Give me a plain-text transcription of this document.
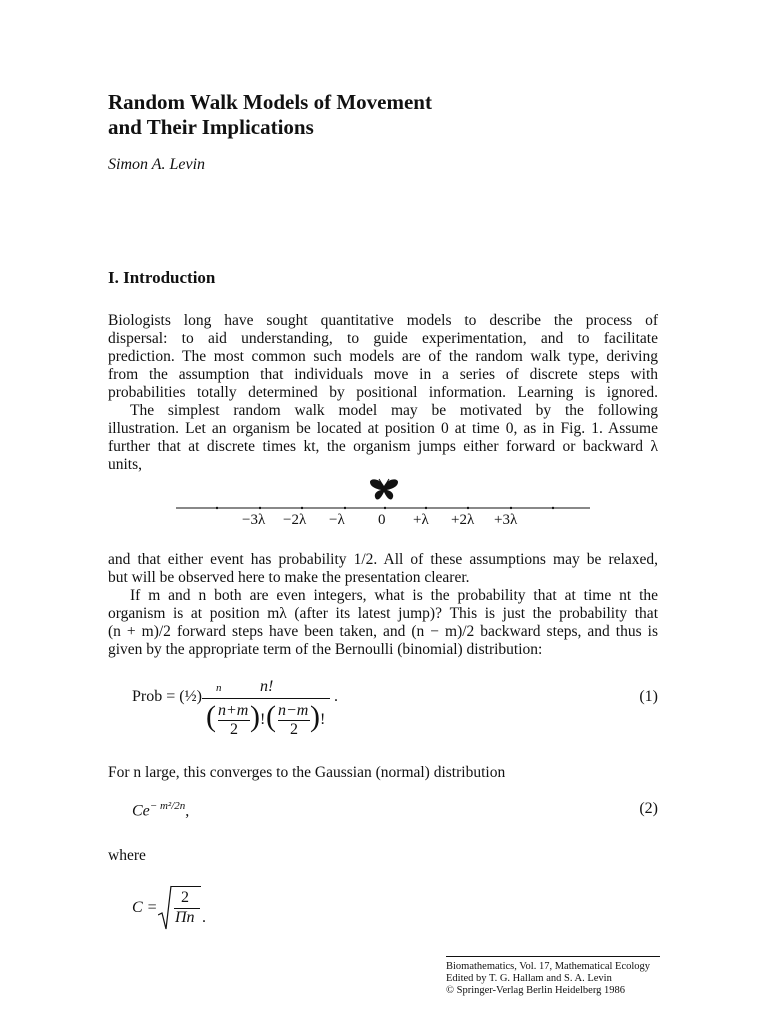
Random Walk Models of Movement
and Their Implications
Simon A. Levin
I. Introduction
Biologists long have sought quantitative models to describe the process of
dispersal: to aid understanding, to guide experimentation, and to facilitate
prediction. The most common such models are of the random walk type, deriving
from the assumption that individuals move in a series of discrete steps with
probabilities totally determined by positional information. Learning is ignored.
The simplest random walk model may be motivated by the following
illustration. Let an organism be located at position 0 at time 0, as in Fig. 1. Assume
further that at discrete times kt, the organism jumps either forward or backward λ
units,
−3λ −2λ −λ 0 +λ +2λ +3λ
and that either event has probability 1/2. All of these assumptions may be relaxed,
but will be observed here to make the presentation clearer.
If m and n both are even integers, what is the probability that at time nt the
organism is at position mλ (after its latest jump)? This is just the probability that
(n + m)/2 forward steps have been taken, and (n − m)/2 backward steps, and thus is
given by the appropriate term of the Bernoulli (binomial) distribution:
Prob = (½) n n!
( n+m
2 ) ! ( n−m
2 ) !
.	(1)
For n large, this converges to the Gaussian (normal) distribution
$Ce^{- m^2/2n}$,	(2)
where
C =
2
Πn .
Biomathematics, Vol. 17, Mathematical Ecology
Edited by T. G. Hallam and S. A. Levin
© Springer-Verlag Berlin Heidelberg 1986
